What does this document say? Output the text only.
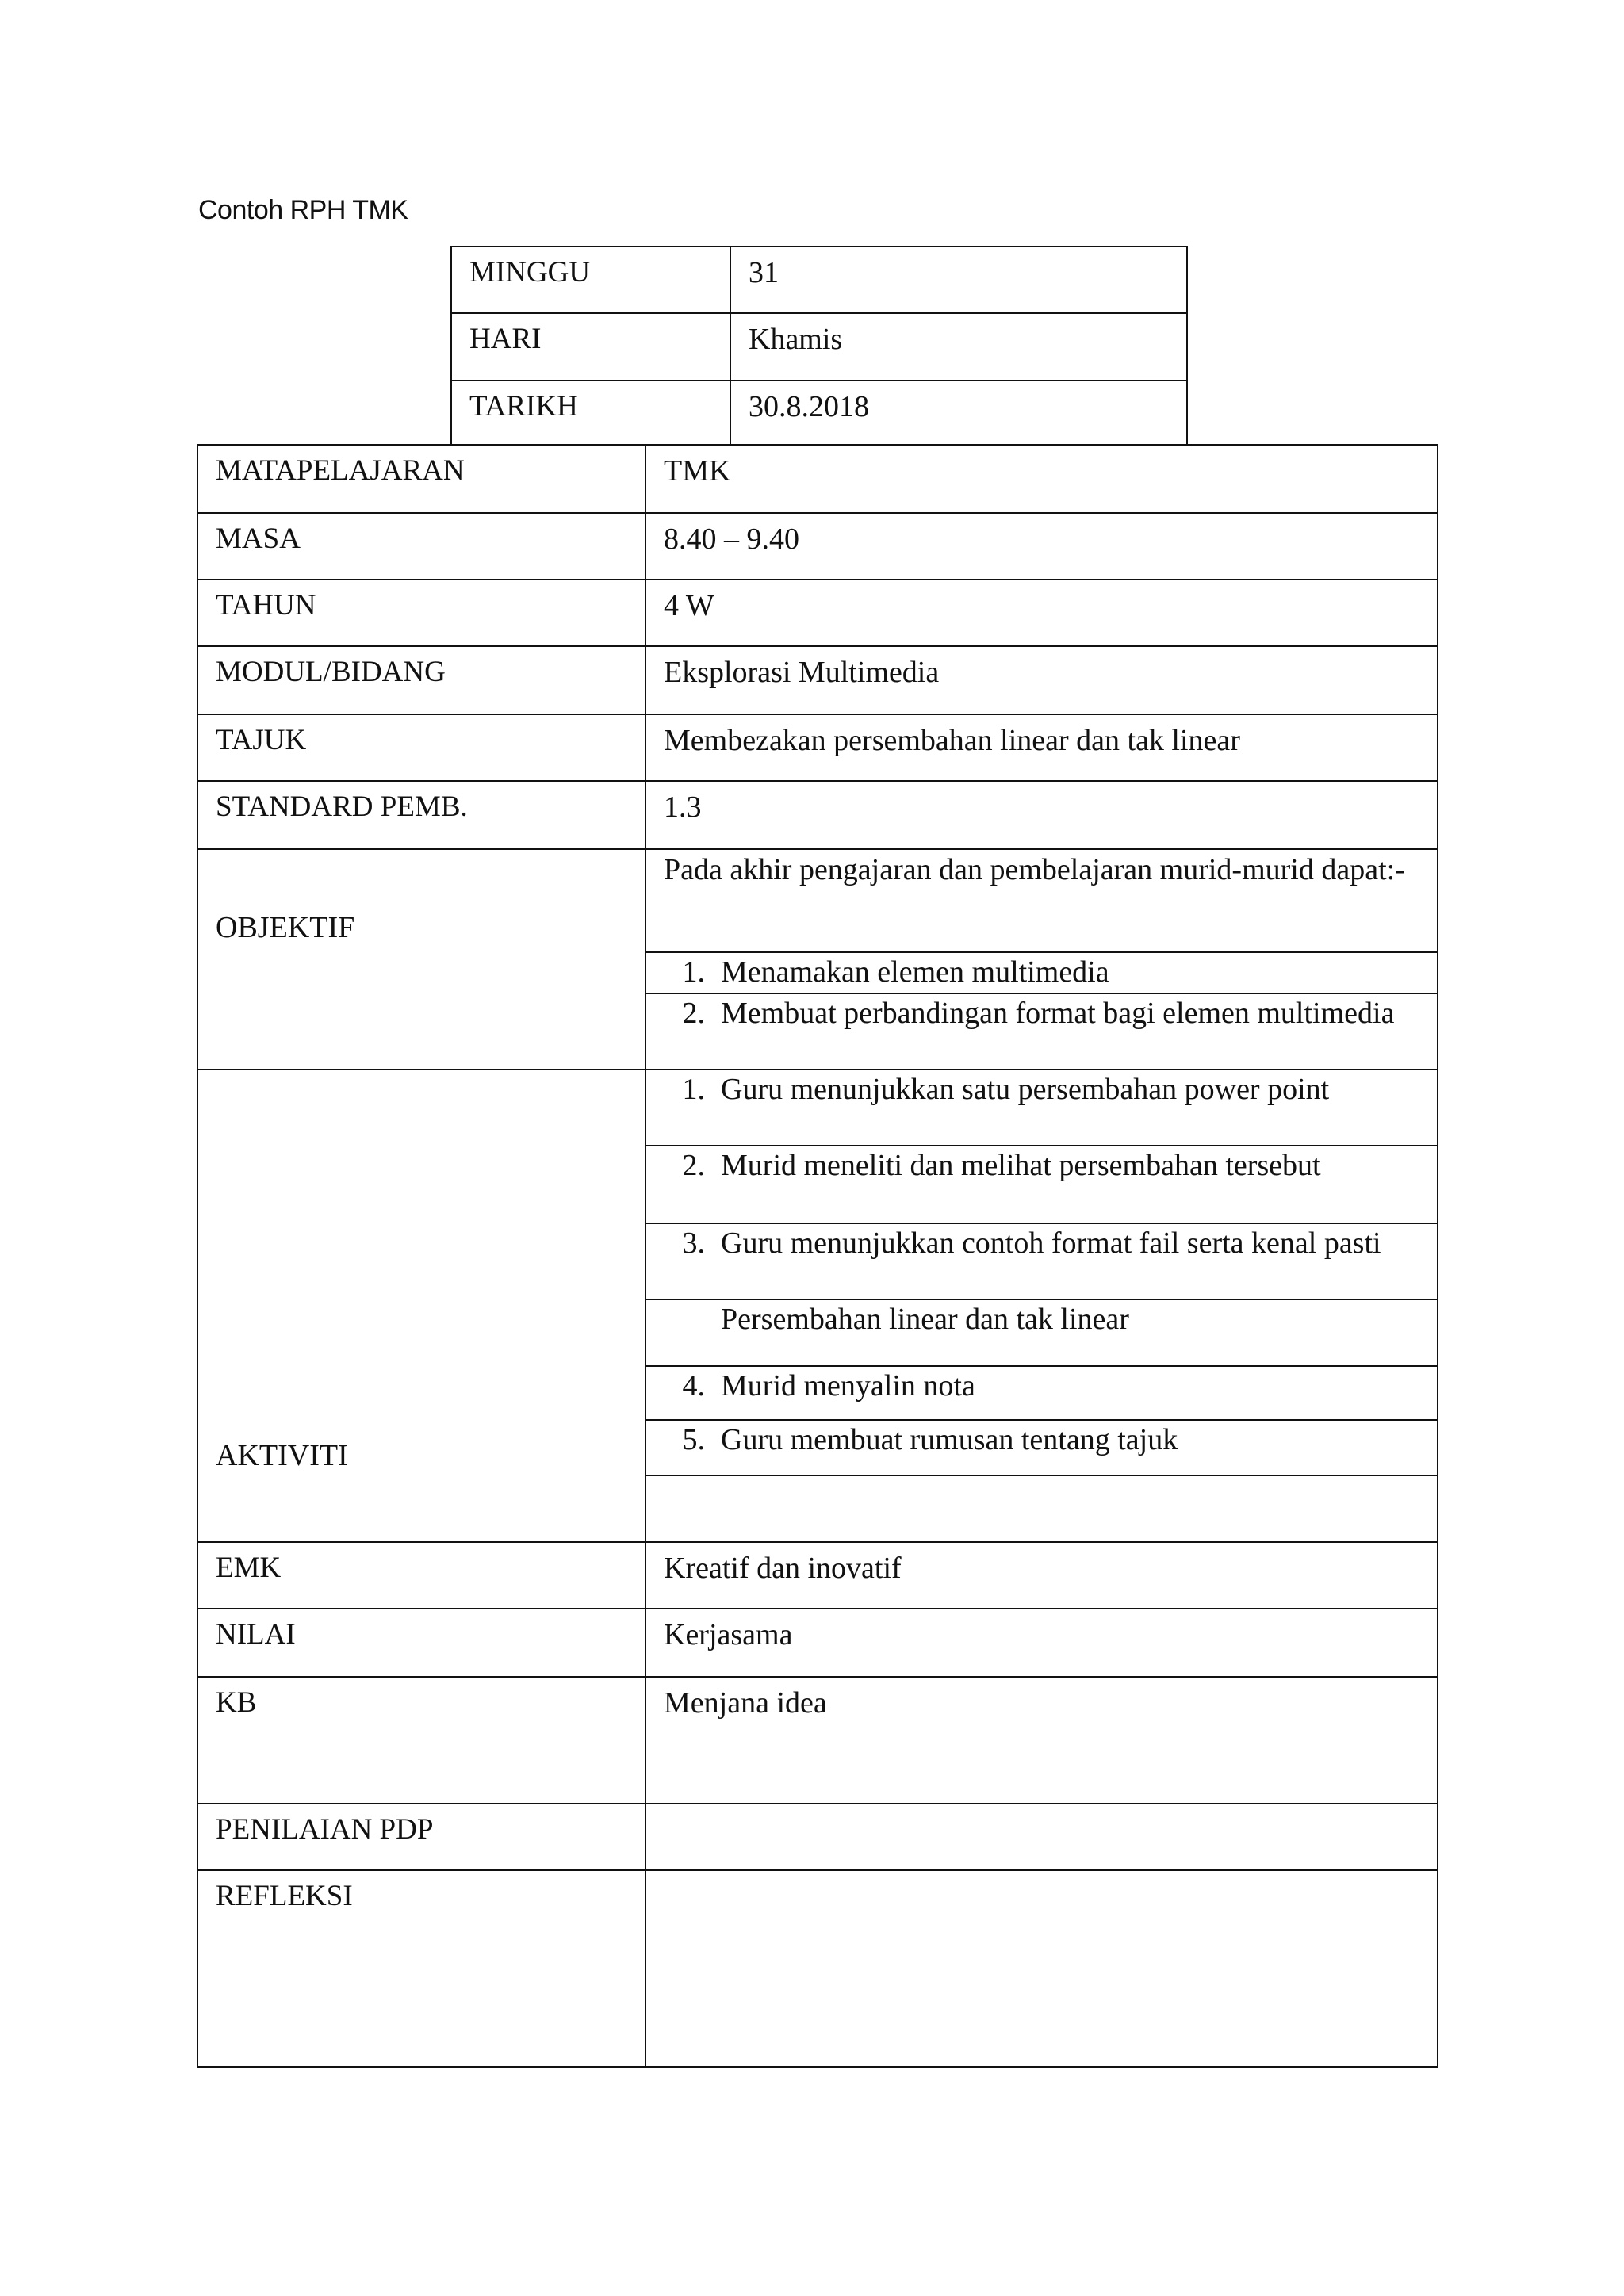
Contoh RPH TMK
MINGGU	31
HARI	Khamis
TARIKH	30.8.2018
MATAPELAJARAN	TMK
MASA	8.40 – 9.40
TAHUN	4 W
MODUL/BIDANG	Eksplorasi Multimedia
TAJUK	Membezakan persembahan linear dan tak linear
STANDARD PEMB.	1.3

OBJEKTIF	Pada akhir pengajaran dan pembelajaran murid-murid dapat:-

	1. Menamakan elemen multimedia

	2. Membuat perbandingan format bagi elemen multimedia

AKTIVITI	1. Guru menunjukkan satu persembahan power point

	2. Murid meneliti dan melihat persembahan tersebut

	3. Guru menunjukkan contoh format fail serta kenal pasti

	Persembahan linear dan tak linear

	4. Murid menyalin nota

	5. Guru membuat rumusan tentang tajuk

EMK	Kreatif dan inovatif
NILAI	Kerjasama
KB	Menjana idea
PENILAIAN PDP	
REFLEKSI	
